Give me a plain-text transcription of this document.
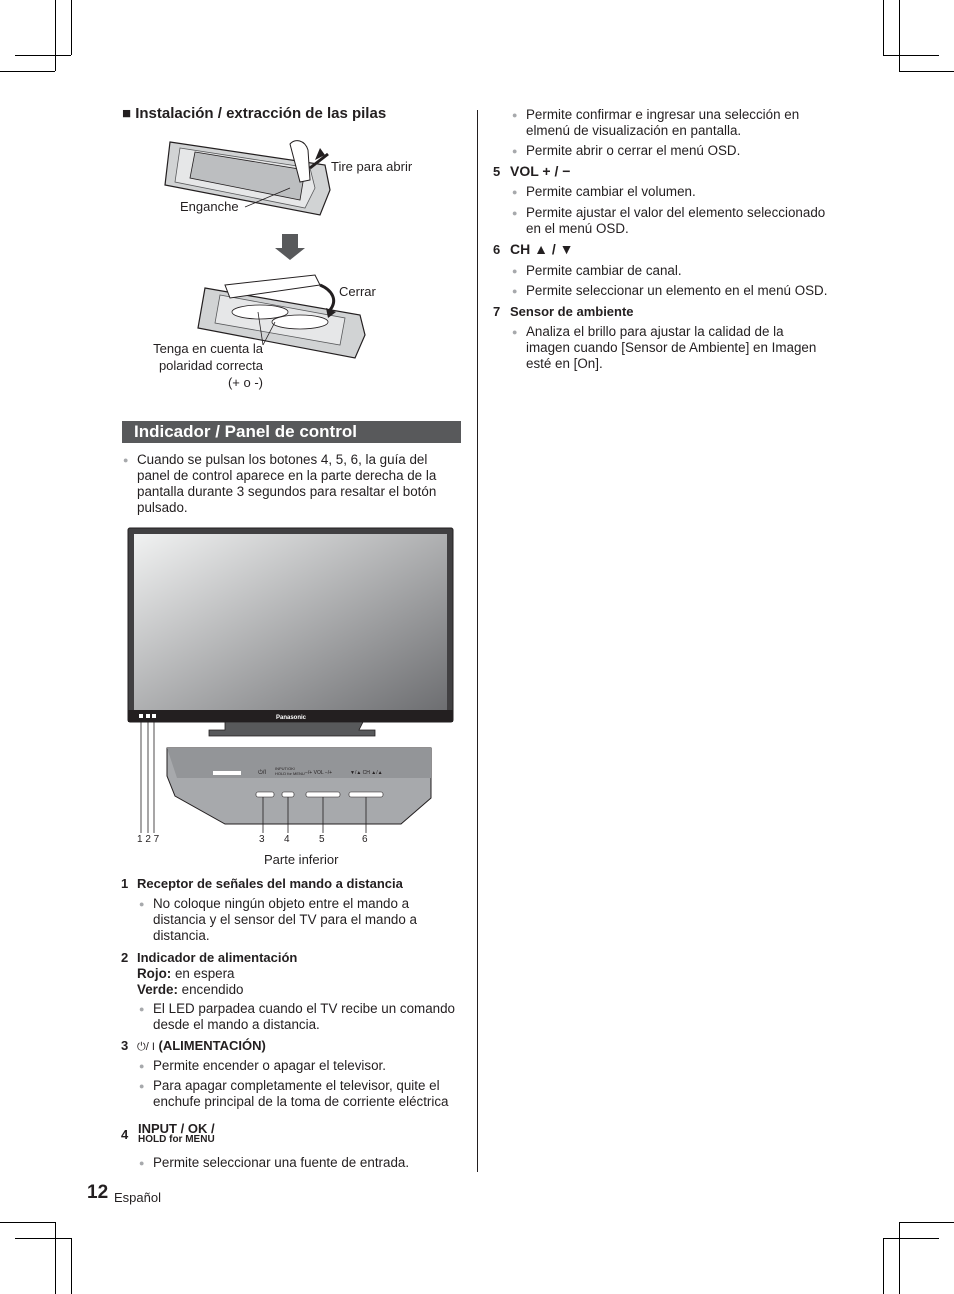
■ Instalación / extracción de las pilas
Tire para abrir
Enganche
Cerrar
Tenga en cuenta la
polaridad correcta
(+ o -)
Indicador / Panel de control
● Cuando se pulsan los botones 4, 5, 6, la guía del
panel de control aparece en la parte derecha de la
pantalla durante 3 segundos para resaltar el botón
pulsado.
Panasonic
⏻/I
INPUT/OK/
HOLD for MENU −/+ VOL −/+	▼/▲ CH ▲/▲
1 2 7	3 4	5	6
Parte inferior
1 Receptor de señales del mando a distancia
● No coloque ningún objeto entre el mando a
distancia y el sensor del TV para el mando a
distancia.
2 Indicador de alimentación
Rojo: en espera
Verde: encendido
● El LED parpadea cuando el TV recibe un comando
desde el mando a distancia.
3 ⏻/ I (ALIMENTACIÓN)
● Permite encender o apagar el televisor.
● Para apagar completamente el televisor, quite el
enchufe principal de la toma de corriente eléctrica
4 INPUT / OK /
HOLD for MENU
● Permite seleccionar una fuente de entrada.
● Permite confirmar e ingresar una selección en
elmenú de visualización en pantalla.
● Permite abrir o cerrar el menú OSD.
5 VOL + / −
● Permite cambiar el volumen.
● Permite ajustar el valor del elemento seleccionado
en el menú OSD.
6 CH ▲ / ▼
● Permite cambiar de canal.
● Permite seleccionar un elemento en el menú OSD.
7 Sensor de ambiente
● Analiza el brillo para ajustar la calidad de la
imagen cuando [Sensor de Ambiente] en Imagen
esté en [On].
12 Español
